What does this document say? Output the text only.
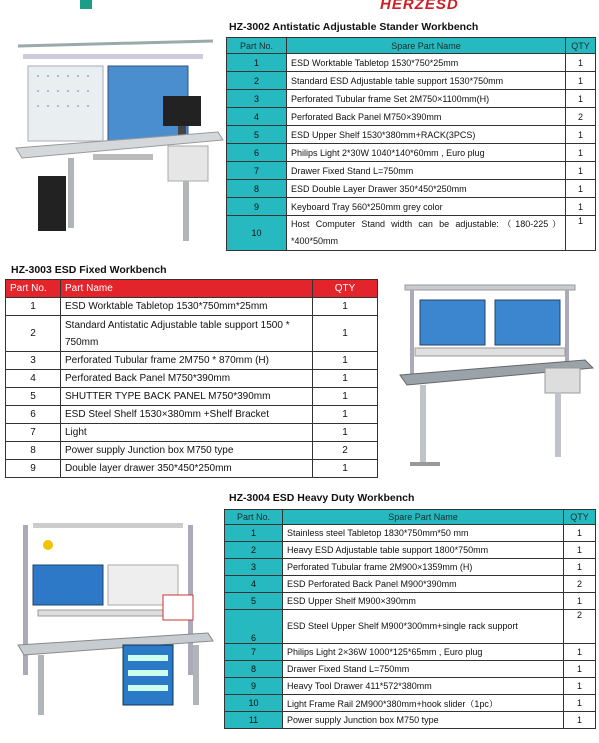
HERZESD
HZ-3002 Antistatic Adjustable Stander Workbench
Part No.	Spare Part Name	QTY
1	ESD Worktable Tabletop 1530*750*25mm	1
2	Standard ESD Adjustable table support 1530*750mm	1
3	Perforated Tubular frame Set 2M750×1100mm(H)	1
4	Perforated Back Panel M750×390mm	2
5	ESD Upper Shelf 1530*380mm+RACK(3PCS)	1
6	Philips Light 2*30W 1040*140*60mm , Euro plug	1
7	Drawer Fixed Stand L=750mm	1
8	ESD Double Layer Drawer 350*450*250mm	1
9	Keyboard Tray 560*250mm grey color	1
10	Host Computer Stand width can be adjustable:（180-225）*400*50mm	1
HZ-3003 ESD Fixed Workbench
Part No.	Part Name	QTY
1	ESD Worktable Tabletop 1530*750mm*25mm	1
2	Standard Antistatic Adjustable table support 1500 * 750mm	1
3	Perforated Tubular frame 2M750 * 870mm (H)	1
4	Perforated Back Panel M750*390mm	1
5	SHUTTER TYPE BACK PANEL M750*390mm	1
6	ESD Steel Shelf 1530×380mm +Shelf Bracket	1
7	Light	1
8	Power supply Junction box M750 type	2
9	Double layer drawer 350*450*250mm	1
HZ-3004 ESD Heavy Duty Workbench
Part No.	Spare Part Name	QTY
1	Stainless steel Tabletop 1830*750mm*50 mm	1
2	Heavy ESD Adjustable table support 1800*750mm	1
3	Perforated Tubular frame 2M900×1359mm (H)	1
4	ESD Perforated Back Panel M900*390mm	2
5	ESD Upper Shelf M900×390mm	1
6	ESD Steel Upper Shelf M900*300mm+single rack support	2
7	Philips Light 2×36W 1000*125*65mm , Euro plug	1
8	Drawer Fixed Stand L=750mm	1
9	Heavy Tool Drawer 411*572*380mm	1
10	Light Frame Rail 2M900*380mm+hook slider（1pc）	1
11	Power supply Junction box M750 type	1
